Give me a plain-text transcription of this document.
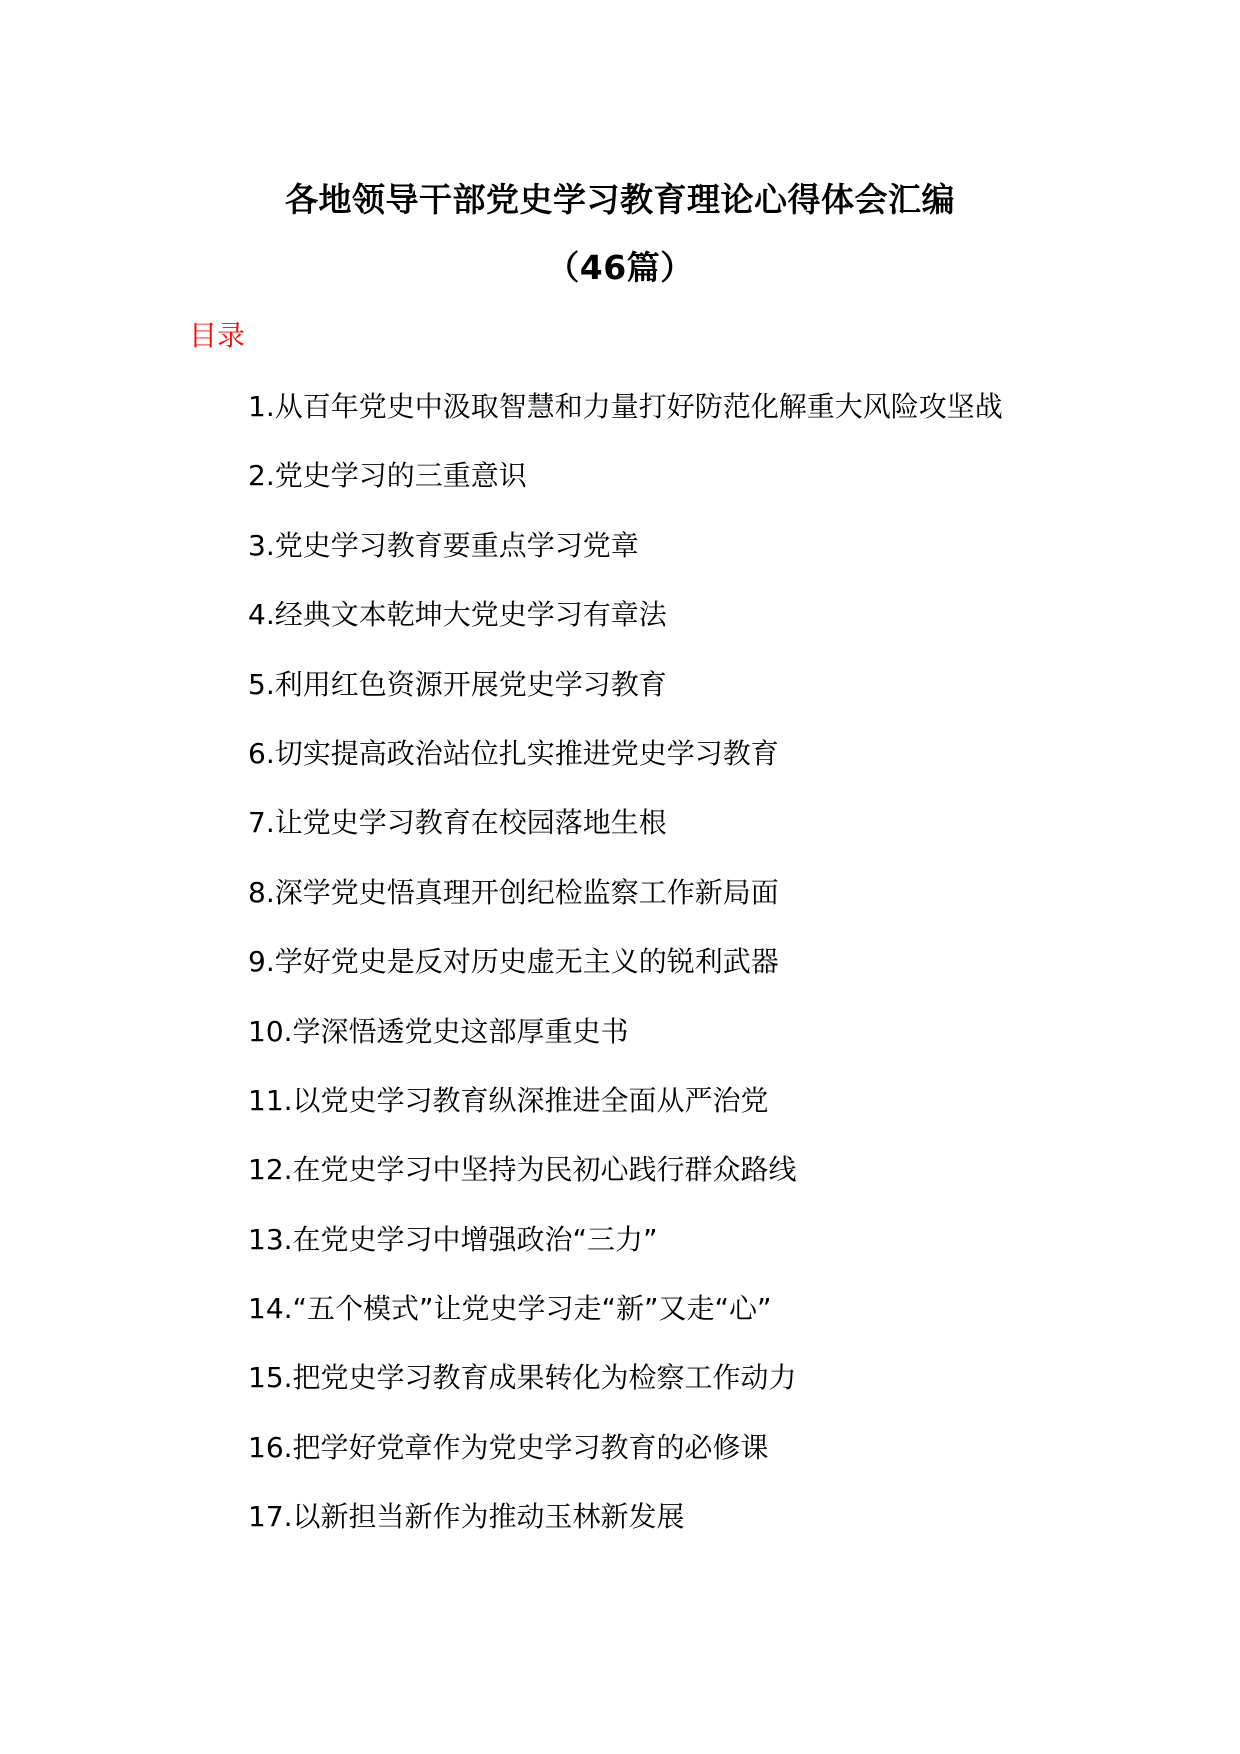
各地领导干部党史学习教育理论心得体会汇编
（46篇）
目录
1.从百年党史中汲取智慧和力量打好防范化解重大风险攻坚战
2.党史学习的三重意识
3.党史学习教育要重点学习党章
4.经典文本乾坤大党史学习有章法
5.利用红色资源开展党史学习教育
6.切实提高政治站位扎实推进党史学习教育
7.让党史学习教育在校园落地生根
8.深学党史悟真理开创纪检监察工作新局面
9.学好党史是反对历史虚无主义的锐利武器
10.学深悟透党史这部厚重史书
11.以党史学习教育纵深推进全面从严治党
12.在党史学习中坚持为民初心践行群众路线
13.在党史学习中增强政治“三力”
14.“五个模式”让党史学习走“新”又走“心”
15.把党史学习教育成果转化为检察工作动力
16.把学好党章作为党史学习教育的必修课
17.以新担当新作为推动玉林新发展
